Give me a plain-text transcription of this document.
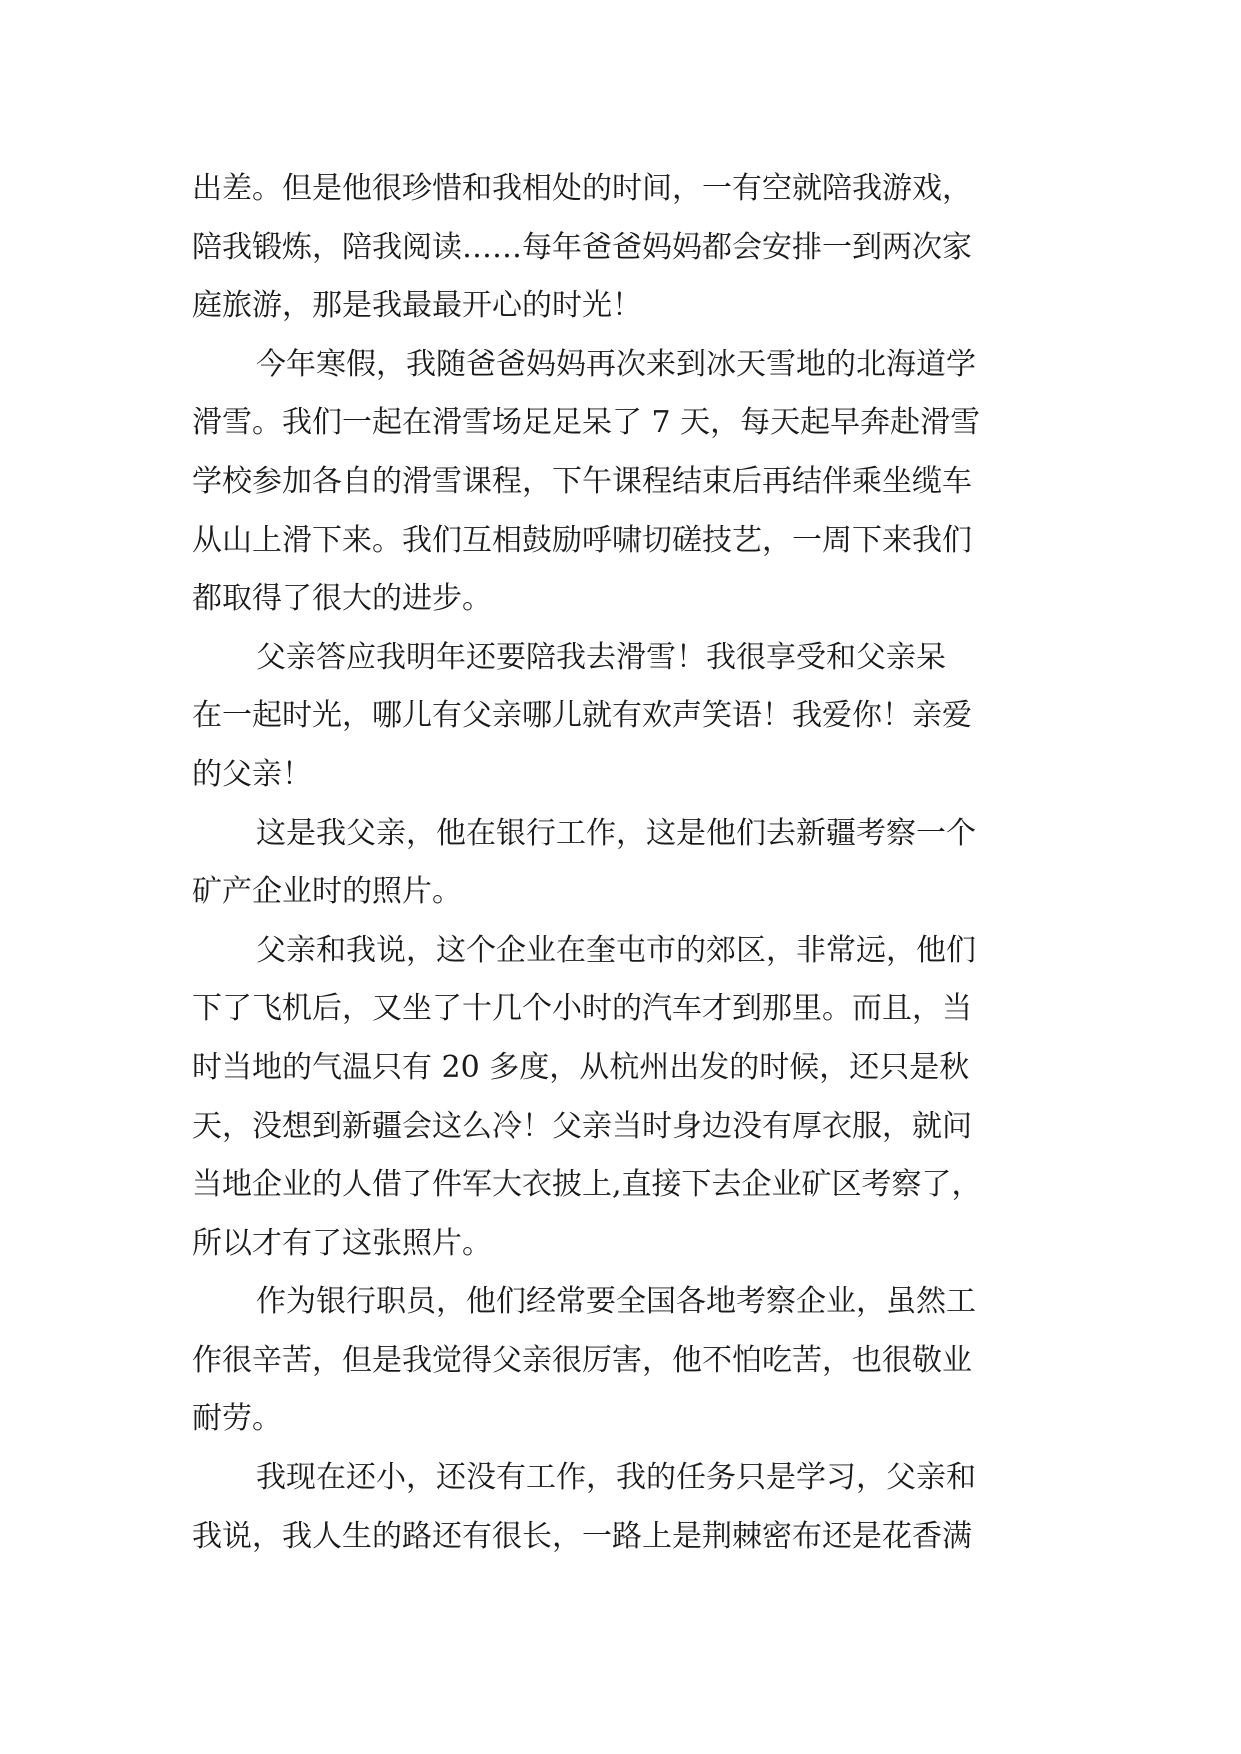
出差。但是他很珍惜和我相处的时间，一有空就陪我游戏，
陪我锻炼，陪我阅读……每年爸爸妈妈都会安排一到两次家
庭旅游，那是我最最开心的时光！
今年寒假，我随爸爸妈妈再次来到冰天雪地的北海道学
滑雪。我们一起在滑雪场足足呆了 7 天，每天起早奔赴滑雪
学校参加各自的滑雪课程，下午课程结束后再结伴乘坐缆车
从山上滑下来。我们互相鼓励呼啸切磋技艺，一周下来我们
都取得了很大的进步。
父亲答应我明年还要陪我去滑雪！我很享受和父亲呆
在一起时光，哪儿有父亲哪儿就有欢声笑语！我爱你！亲爱
的父亲！
这是我父亲，他在银行工作，这是他们去新疆考察一个
矿产企业时的照片。
父亲和我说，这个企业在奎屯市的郊区，非常远，他们
下了飞机后，又坐了十几个小时的汽车才到那里。而且，当
时当地的气温只有 20 多度，从杭州出发的时候，还只是秋
天，没想到新疆会这么冷！父亲当时身边没有厚衣服，就问
当地企业的人借了件军大衣披上,直接下去企业矿区考察了，
所以才有了这张照片。
作为银行职员，他们经常要全国各地考察企业，虽然工
作很辛苦，但是我觉得父亲很厉害，他不怕吃苦，也很敬业
耐劳。
我现在还小，还没有工作，我的任务只是学习，父亲和
我说，我人生的路还有很长，一路上是荆棘密布还是花香满
